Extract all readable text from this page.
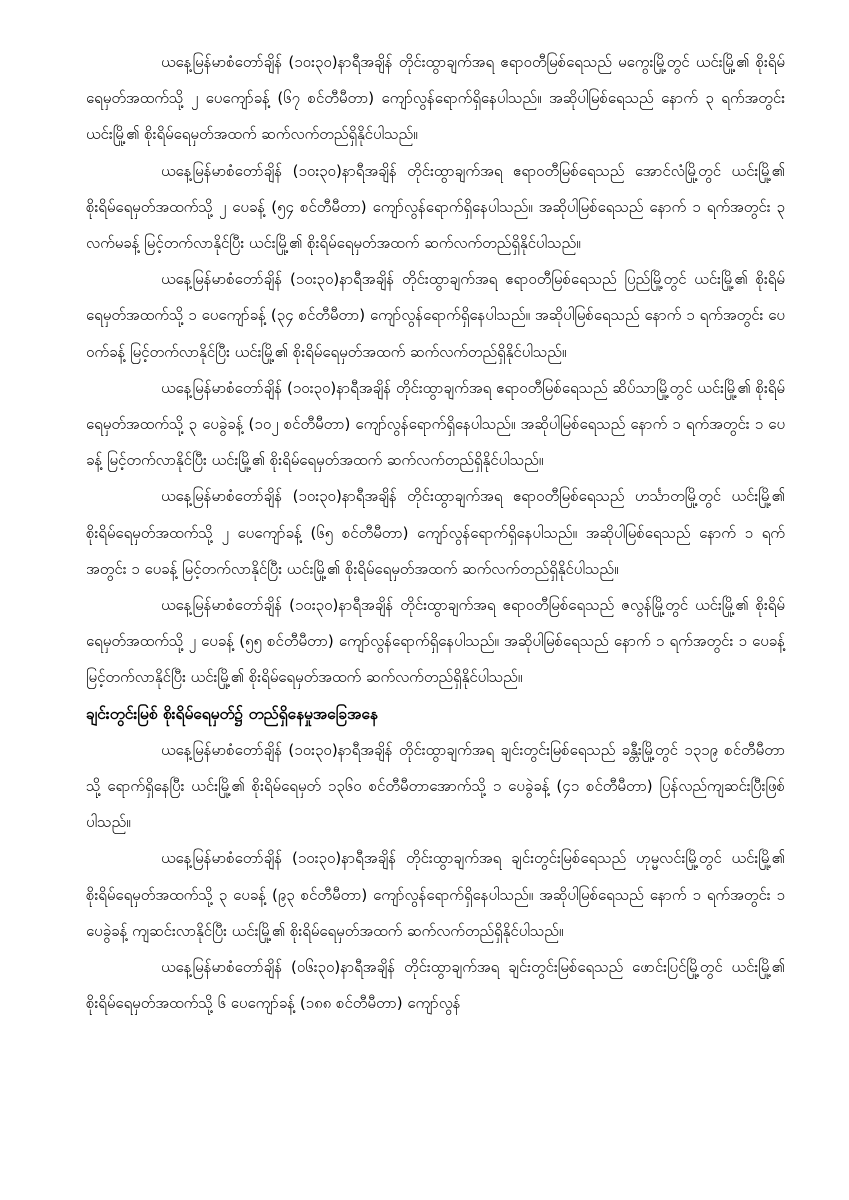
ယနေ့မြန်မာစံတော်ချိန် (၁၀း၃၀)နာရီအချိန် တိုင်းထွာချက်အရ ဧရာဝတီမြစ်ရေသည် မကွေးမြို့တွင် ယင်းမြို့၏ စိုးရိမ်ရေမှတ်အထက်သို့ ၂ ပေကျော်ခန့် (၆၇ စင်တီမီတာ) ကျော်လွန်ရောက်ရှိနေပါသည်။ အဆိုပါမြစ်ရေသည် နောက် ၃ ရက်အတွင်း ယင်းမြို့၏ စိုးရိမ်ရေမှတ်အထက် ဆက်လက်တည်ရှိနိုင်ပါသည်။

ယနေ့မြန်မာစံတော်ချိန် (၁၀း၃၀)နာရီအချိန် တိုင်းထွာချက်အရ ဧရာဝတီမြစ်ရေသည် အောင်လံမြို့တွင် ယင်းမြို့၏ စိုးရိမ်ရေမှတ်အထက်သို့ ၂ ပေခန့် (၅၄ စင်တီမီတာ) ကျော်လွန်ရောက်ရှိနေပါသည်။ အဆိုပါမြစ်ရေသည် နောက် ၁ ရက်အတွင်း ၃ လက်မခန့် မြင့်တက်လာနိုင်ပြီး ယင်းမြို့၏ စိုးရိမ်ရေမှတ်အထက် ဆက်လက်တည်ရှိနိုင်ပါသည်။

ယနေ့မြန်မာစံတော်ချိန် (၁၀း၃၀)နာရီအချိန် တိုင်းထွာချက်အရ ဧရာဝတီမြစ်ရေသည် ပြည်မြို့တွင် ယင်းမြို့၏ စိုးရိမ်ရေမှတ်အထက်သို့ ၁ ပေကျော်ခန့် (၃၄ စင်တီမီတာ) ကျော်လွန်ရောက်ရှိနေပါသည်။ အဆိုပါမြစ်ရေသည် နောက် ၁ ရက်အတွင်း ပေဝက်ခန့် မြင့်တက်လာနိုင်ပြီး ယင်းမြို့၏ စိုးရိမ်ရေမှတ်အထက် ဆက်လက်တည်ရှိနိုင်ပါသည်။

ယနေ့မြန်မာစံတော်ချိန် (၁၀း၃၀)နာရီအချိန် တိုင်းထွာချက်အရ ဧရာဝတီမြစ်ရေသည် ဆိပ်သာမြို့တွင် ယင်းမြို့၏ စိုးရိမ်ရေမှတ်အထက်သို့ ၃ ပေခွဲခန့် (၁၀၂ စင်တီမီတာ) ကျော်လွန်ရောက်ရှိနေပါသည်။ အဆိုပါမြစ်ရေသည် နောက် ၁ ရက်အတွင်း ၁ ပေခန့် မြင့်တက်လာနိုင်ပြီး ယင်းမြို့၏ စိုးရိမ်ရေမှတ်အထက် ဆက်လက်တည်ရှိနိုင်ပါသည်။

ယနေ့မြန်မာစံတော်ချိန် (၁၀း၃၀)နာရီအချိန် တိုင်းထွာချက်အရ ဧရာဝတီမြစ်ရေသည် ဟင်္သာတမြို့တွင် ယင်းမြို့၏ စိုးရိမ်ရေမှတ်အထက်သို့ ၂ ပေကျော်ခန့် (၆၅ စင်တီမီတာ) ကျော်လွန်ရောက်ရှိနေပါသည်။ အဆိုပါမြစ်ရေသည် နောက် ၁ ရက်အတွင်း ၁ ပေခန့် မြင့်တက်လာနိုင်ပြီး ယင်းမြို့၏ စိုးရိမ်ရေမှတ်အထက် ဆက်လက်တည်ရှိနိုင်ပါသည်။

ယနေ့မြန်မာစံတော်ချိန် (၁၀း၃၀)နာရီအချိန် တိုင်းထွာချက်အရ ဧရာဝတီမြစ်ရေသည် ဇလွန်မြို့တွင် ယင်းမြို့၏ စိုးရိမ်ရေမှတ်အထက်သို့ ၂ ပေခန့် (၅၅ စင်တီမီတာ) ကျော်လွန်ရောက်ရှိနေပါသည်။ အဆိုပါမြစ်ရေသည် နောက် ၁ ရက်အတွင်း ၁ ပေခန့် မြင့်တက်လာနိုင်ပြီး ယင်းမြို့၏ စိုးရိမ်ရေမှတ်အထက် ဆက်လက်တည်ရှိနိုင်ပါသည်။

ချင်းတွင်းမြစ် စိုးရိမ်ရေမှတ်၌ တည်ရှိနေမှုအခြေအနေ

ယနေ့မြန်မာစံတော်ချိန် (၁၀း၃၀)နာရီအချိန် တိုင်းထွာချက်အရ ချင်းတွင်းမြစ်ရေသည် ခန္တီးမြို့တွင် ၁၃၁၉ စင်တီမီတာသို့ ရောက်ရှိနေပြီး ယင်းမြို့၏ စိုးရိမ်ရေမှတ် ၁၃၆၀ စင်တီမီတာအောက်သို့ ၁ ပေခွဲခန့် (၄၁ စင်တီမီတာ) ပြန်လည်ကျဆင်းပြီးဖြစ်ပါသည်။

ယနေ့မြန်မာစံတော်ချိန် (၁၀း၃၀)နာရီအချိန် တိုင်းထွာချက်အရ ချင်းတွင်းမြစ်ရေသည် ဟုမ္မလင်းမြို့တွင် ယင်းမြို့၏ စိုးရိမ်ရေမှတ်အထက်သို့ ၃ ပေခန့် (၉၃ စင်တီမီတာ) ကျော်လွန်ရောက်ရှိနေပါသည်။ အဆိုပါမြစ်ရေသည် နောက် ၁ ရက်အတွင်း ၁ ပေခွဲခန့် ကျဆင်းလာနိုင်ပြီး ယင်းမြို့၏ စိုးရိမ်ရေမှတ်အထက် ဆက်လက်တည်ရှိနိုင်ပါသည်။

ယနေ့မြန်မာစံတော်ချိန် (၀၆း၃၀)နာရီအချိန် တိုင်းထွာချက်အရ ချင်းတွင်းမြစ်ရေသည် ဖောင်းပြင်မြို့တွင် ယင်းမြို့၏ စိုးရိမ်ရေမှတ်အထက်သို့ ၆ ပေကျော်ခန့် (၁၈၈ စင်တီမီတာ) ကျော်လွန်
